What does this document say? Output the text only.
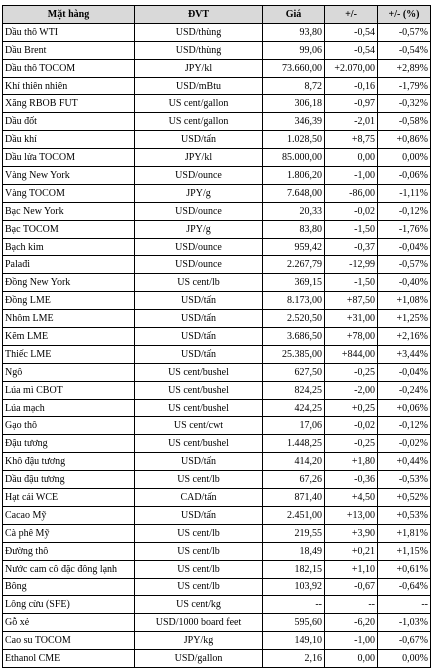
Mặt hàng	ĐVT	Giá	+/-	+/- (%)
Dầu thô WTI	USD/thùng	93,80	-0,54	-0,57%
Dầu Brent	USD/thùng	99,06	-0,54	-0,54%
Dầu thô TOCOM	JPY/kl	73.660,00	+2.070,00	+2,89%
Khí thiên nhiên	USD/mBtu	8,72	-0,16	-1,79%
Xăng RBOB FUT	US cent/gallon	306,18	-0,97	-0,32%
Dầu đốt	US cent/gallon	346,39	-2,01	-0,58%
Dầu khí	USD/tấn	1.028,50	+8,75	+0,86%
Dầu lửa TOCOM	JPY/kl	85.000,00	0,00	0,00%
Vàng New York	USD/ounce	1.806,20	-1,00	-0,06%
Vàng TOCOM	JPY/g	7.648,00	-86,00	-1,11%
Bạc New York	USD/ounce	20,33	-0,02	-0,12%
Bạc TOCOM	JPY/g	83,80	-1,50	-1,76%
Bạch kim	USD/ounce	959,42	-0,37	-0,04%
Palađi	USD/ounce	2.267,79	-12,99	-0,57%
Đồng New York	US cent/lb	369,15	-1,50	-0,40%
Đồng LME	USD/tấn	8.173,00	+87,50	+1,08%
Nhôm LME	USD/tấn	2.520,50	+31,00	+1,25%
Kẽm LME	USD/tấn	3.686,50	+78,00	+2,16%
Thiếc LME	USD/tấn	25.385,00	+844,00	+3,44%
Ngô	US cent/bushel	627,50	-0,25	-0,04%
Lúa mì CBOT	US cent/bushel	824,25	-2,00	-0,24%
Lúa mạch	US cent/bushel	424,25	+0,25	+0,06%
Gạo thô	US cent/cwt	17,06	-0,02	-0,12%
Đậu tương	US cent/bushel	1.448,25	-0,25	-0,02%
Khô đậu tương	USD/tấn	414,20	+1,80	+0,44%
Dầu đậu tương	US cent/lb	67,26	-0,36	-0,53%
Hạt cải WCE	CAD/tấn	871,40	+4,50	+0,52%
Cacao Mỹ	USD/tấn	2.451,00	+13,00	+0,53%
Cà phê Mỹ	US cent/lb	219,55	+3,90	+1,81%
Đường thô	US cent/lb	18,49	+0,21	+1,15%
Nước cam cô đặc đông lạnh	US cent/lb	182,15	+1,10	+0,61%
Bông	US cent/lb	103,92	-0,67	-0,64%
Lông cừu (SFE)	US cent/kg	--	--	--
Gỗ xẻ	USD/1000 board feet	595,60	-6,20	-1,03%
Cao su TOCOM	JPY/kg	149,10	-1,00	-0,67%
Ethanol CME	USD/gallon	2,16	0,00	0,00%
